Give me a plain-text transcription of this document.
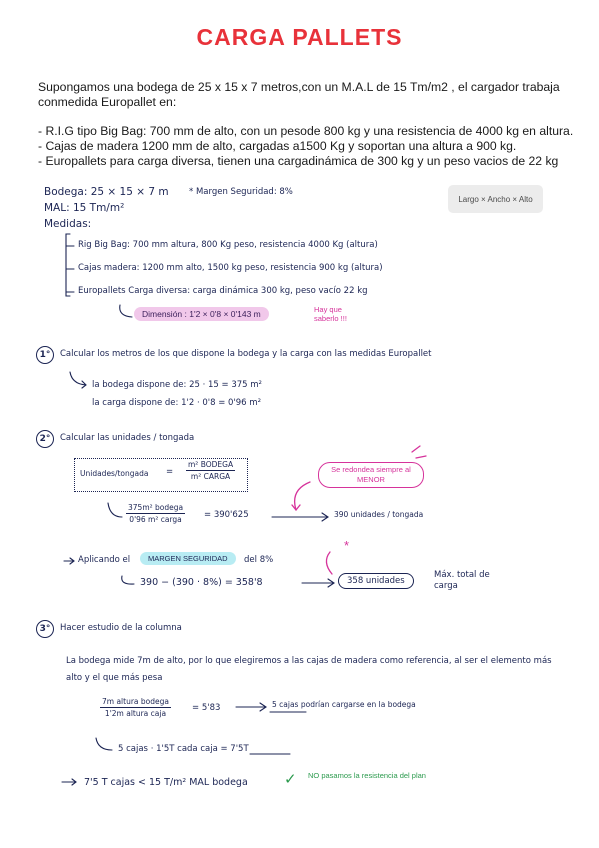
CARGA PALLETS
Supongamos una bodega de 25 x 15 x 7 metros,con un M.A.L de 15 Tm/m2 , el cargador trabaja conmedida Europallet en:
- R.I.G tipo Big Bag: 700 mm de alto, con un pesode 800 kg y una resistencia de 4000 kg en altura.
- Cajas de madera 1200 mm de alto, cargadas a1500 Kg y soportan una altura a 900 kg.
- Europallets para carga diversa, tienen una cargadinámica de 300 kg y un peso vacios de 22 kg
Bodega: 25 × 15 × 7 m * Margen Seguridad: 8%
Largo × Ancho × Alto
MAL: 15 Tm/m²
Medidas:
Rig Big Bag: 700 mm altura, 800 Kg peso, resistencia 4000 Kg (altura)
Cajas madera: 1200 mm alto, 1500 kg peso, resistencia 900 kg (altura)
Europallets Carga diversa: carga dinámica 300 kg, peso vacío 22 kg
Dimensión : 1'2 × 0'8 × 0'143 m	Hay que saberlo !!!
1°	Calcular los metros de los que dispone la bodega y la carga con las medidas Europallet
la bodega dispone de: 25 · 15 = 375 m²
la carga dispone de: 1'2 · 0'8 = 0'96 m²
2°	Calcular las unidades / tongada
Unidades/tongada =
m² BODEGA
m² CARGA
Se redondea siempre al MENOR
375m² bodega
0'96 m² carga	= 390'625	390 unidades / tongada
Aplicando el	MARGEN SEGURIDAD	del 8%
*
390 − (390 · 8%) = 358'8	358 unidades
Máx. total de carga
3°	Hacer estudio de la columna
La bodega mide 7m de alto, por lo que elegiremos a las cajas de madera como referencia, al ser el elemento más alto y el que más pesa
7m altura bodega
1'2m altura caja
= 5'83	5 cajas podrían cargarse en la bodega
5 cajas · 1'5T cada caja = 7'5T
7'5 T cajas < 15 T/m² MAL bodega ✓ NO pasamos la resistencia del plan
